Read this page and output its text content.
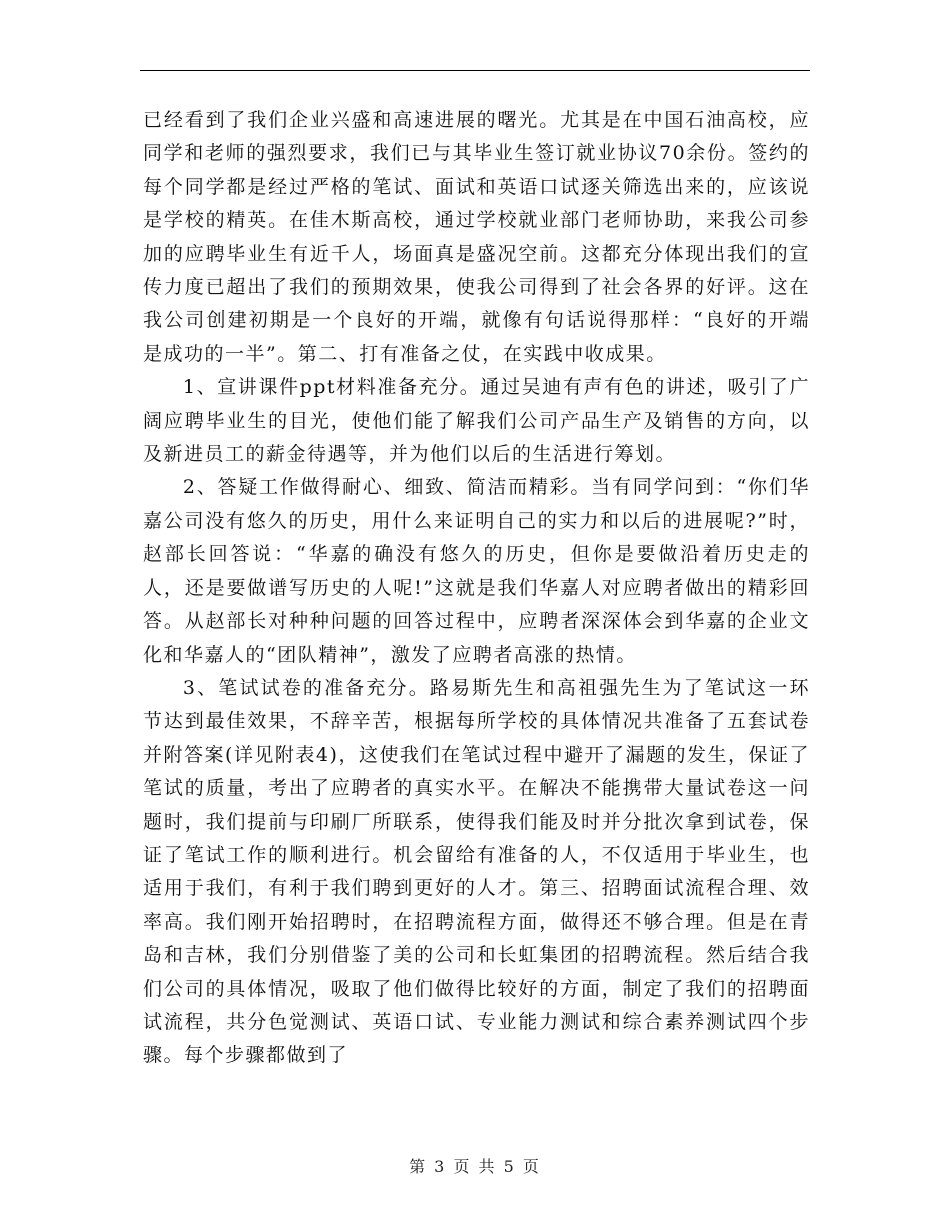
已经看到了我们企业兴盛和高速进展的曙光。尤其是在中国石油高校，应同学和老师的强烈要求，我们已与其毕业生签订就业协议70余份。签约的每个同学都是经过严格的笔试、面试和英语口试逐关筛选出来的，应该说是学校的精英。在佳木斯高校，通过学校就业部门老师协助，来我公司参加的应聘毕业生有近千人，场面真是盛况空前。这都充分体现出我们的宣传力度已超出了我们的预期效果，使我公司得到了社会各界的好评。这在我公司创建初期是一个良好的开端，就像有句话说得那样：“良好的开端是成功的一半”。第二、打有准备之仗，在实践中收成果。

1、宣讲课件ppt材料准备充分。通过吴迪有声有色的讲述，吸引了广阔应聘毕业生的目光，使他们能了解我们公司产品生产及销售的方向，以及新进员工的薪金待遇等，并为他们以后的生活进行筹划。

2、答疑工作做得耐心、细致、简洁而精彩。当有同学问到：“你们华嘉公司没有悠久的历史，用什么来证明自己的实力和以后的进展呢?”时，赵部长回答说：“华嘉的确没有悠久的历史，但你是要做沿着历史走的人，还是要做谱写历史的人呢!”这就是我们华嘉人对应聘者做出的精彩回答。从赵部长对种种问题的回答过程中，应聘者深深体会到华嘉的企业文化和华嘉人的“团队精神”，激发了应聘者高涨的热情。

3、笔试试卷的准备充分。路易斯先生和高祖强先生为了笔试这一环节达到最佳效果，不辞辛苦，根据每所学校的具体情况共准备了五套试卷并附答案(详见附表4)，这使我们在笔试过程中避开了漏题的发生，保证了笔试的质量，考出了应聘者的真实水平。在解决不能携带大量试卷这一问题时，我们提前与印刷厂所联系，使得我们能及时并分批次拿到试卷，保证了笔试工作的顺利进行。机会留给有准备的人，不仅适用于毕业生，也适用于我们，有利于我们聘到更好的人才。第三、招聘面试流程合理、效率高。我们刚开始招聘时，在招聘流程方面，做得还不够合理。但是在青岛和吉林，我们分别借鉴了美的公司和长虹集团的招聘流程。然后结合我们公司的具体情况，吸取了他们做得比较好的方面，制定了我们的招聘面试流程，共分色觉测试、英语口试、专业能力测试和综合素养测试四个步骤。每个步骤都做到了

第 3 页 共 5 页
